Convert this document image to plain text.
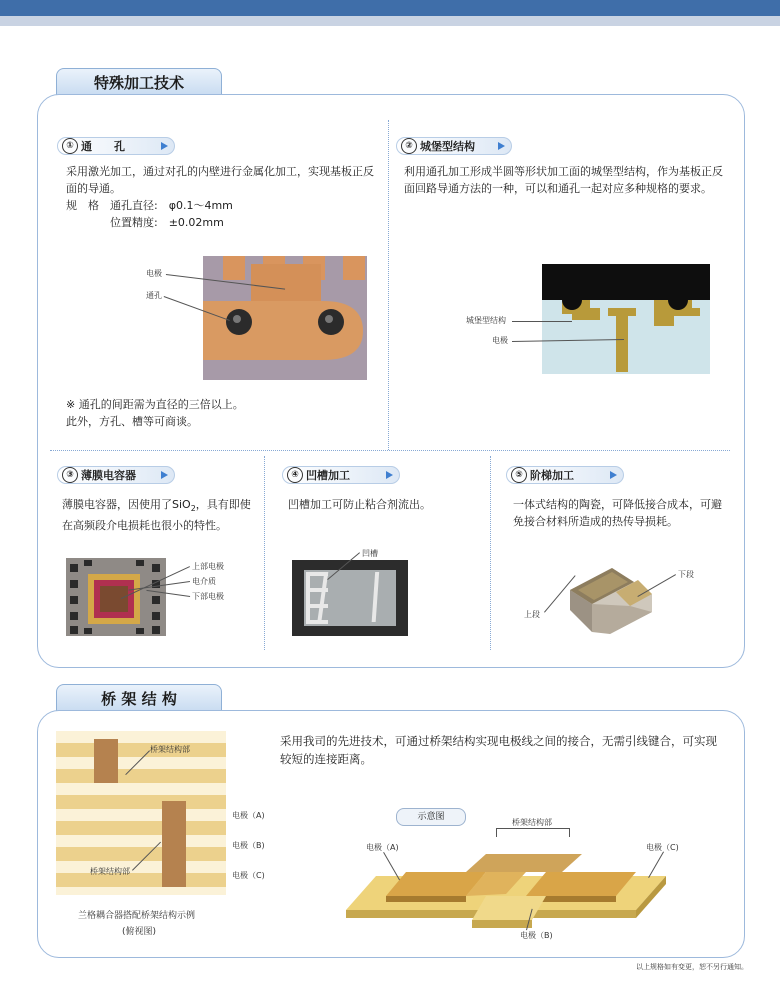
特殊加工技术
① 通　　孔
采用激光加工，通过对孔的内壁进行金属化加工，实现基板正反面的导通。
规　格	通孔直径:　φ0.1～4mm
位置精度:　±0.02mm
电极
通孔
※ 通孔的间距需为直径的三倍以上。
此外，方孔、槽等可商谈。
② 城堡型结构
利用通孔加工形成半圆等形状加工面的城堡型结构，作为基板正反面回路导通方法的一种，可以和通孔一起对应多种规格的要求。
城堡型结构
电极
③ 薄膜电容器
薄膜电容器，因使用了SiO$_2$，具有即使在高频段介电损耗也很小的特性。
上部电极
电介质
下部电极
④ 凹槽加工
凹槽加工可防止粘合剂流出。
凹槽
⑤ 阶梯加工
一体式结构的陶瓷，可降低接合成本，可避免接合材料所造成的热传导损耗。
下段
上段
桥 架 结 构
桥架结构部
桥架结构部
电极（A)
电极（B)
电极（C)
兰格耦合器搭配桥架结构示例
(俯视图)
采用我司的先进技术，可通过桥架结构实现电极线之间的接合，无需引线键合，可实现较短的连接距离。
示意图
桥架结构部
电极（A)	电极（C)
电极（B)
以上规格如有变更，恕不另行通知。
